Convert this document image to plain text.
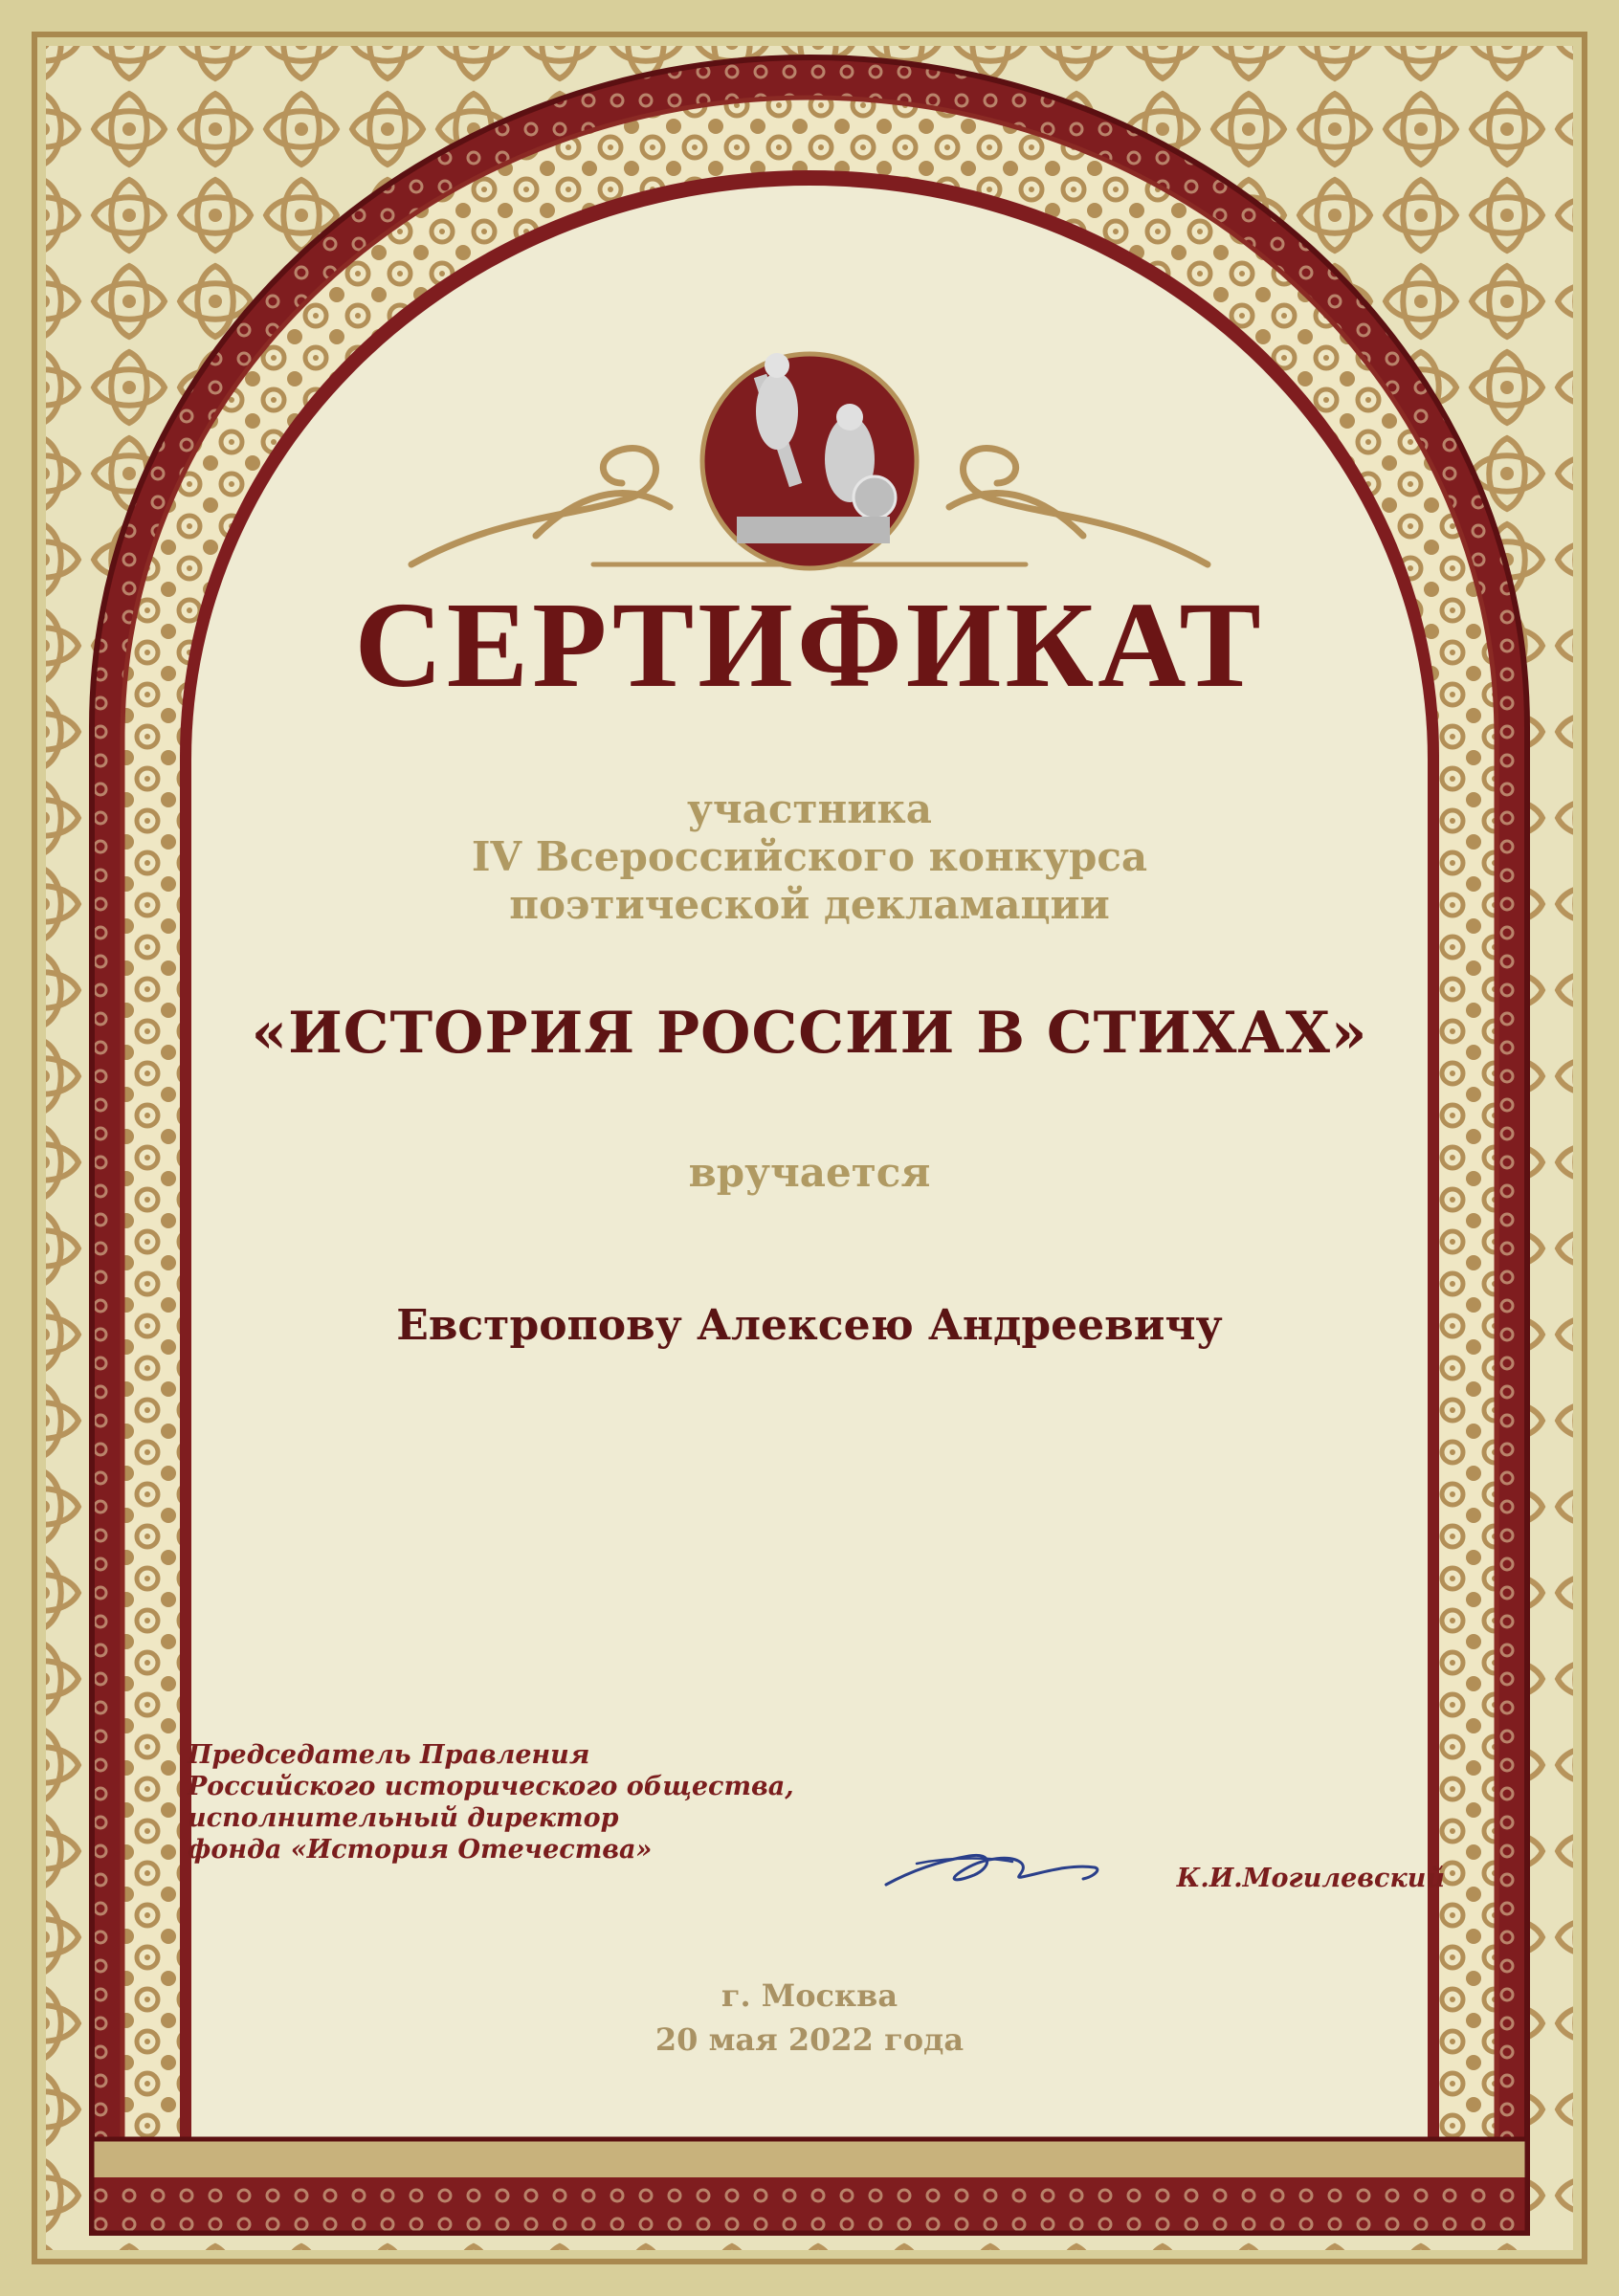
СЕРТИФИКАТ
участника
IV Всероссийского конкурса
поэтической декламации
«ИСТОРИЯ РОССИИ В СТИХАХ»
вручается
Евстропову Алексею Андреевичу
Председатель Правления
Российского исторического общества,
исполнительный директор
фонда «История Отечества»
К.И.Могилевский
г. Москва
20 мая 2022 года
